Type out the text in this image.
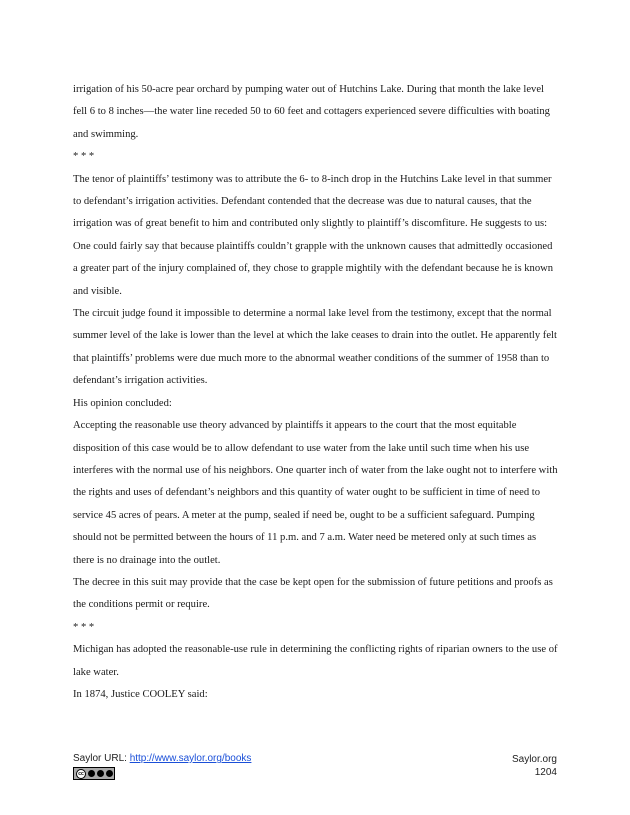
irrigation of his 50-acre pear orchard by pumping water out of Hutchins Lake. During that month the lake level fell 6 to 8 inches—the water line receded 50 to 60 feet and cottagers experienced severe difficulties with boating and swimming.

* * *

The tenor of plaintiffs’ testimony was to attribute the 6- to 8-inch drop in the Hutchins Lake level in that summer to defendant’s irrigation activities. Defendant contended that the decrease was due to natural causes, that the irrigation was of great benefit to him and contributed only slightly to plaintiff’s discomfiture. He suggests to us:

One could fairly say that because plaintiffs couldn’t grapple with the unknown causes that admittedly occasioned a greater part of the injury complained of, they chose to grapple mightily with the defendant because he is known and visible.

The circuit judge found it impossible to determine a normal lake level from the testimony, except that the normal summer level of the lake is lower than the level at which the lake ceases to drain into the outlet. He apparently felt that plaintiffs’ problems were due much more to the abnormal weather conditions of the summer of 1958 than to defendant’s irrigation activities.

His opinion concluded:

Accepting the reasonable use theory advanced by plaintiffs it appears to the court that the most equitable disposition of this case would be to allow defendant to use water from the lake until such time when his use interferes with the normal use of his neighbors. One quarter inch of water from the lake ought not to interfere with the rights and uses of defendant’s neighbors and this quantity of water ought to be sufficient in time of need to service 45 acres of pears. A meter at the pump, sealed if need be, ought to be a sufficient safeguard. Pumping should not be permitted between the hours of 11 p.m. and 7 a.m. Water need be metered only at such times as there is no drainage into the outlet.

The decree in this suit may provide that the case be kept open for the submission of future petitions and proofs as the conditions permit or require.

* * *

Michigan has adopted the reasonable-use rule in determining the conflicting rights of riparian owners to the use of lake water.

In 1874, Justice COOLEY said:

Saylor URL: http://www.saylor.org/books
cc
Saylor.org
1204
